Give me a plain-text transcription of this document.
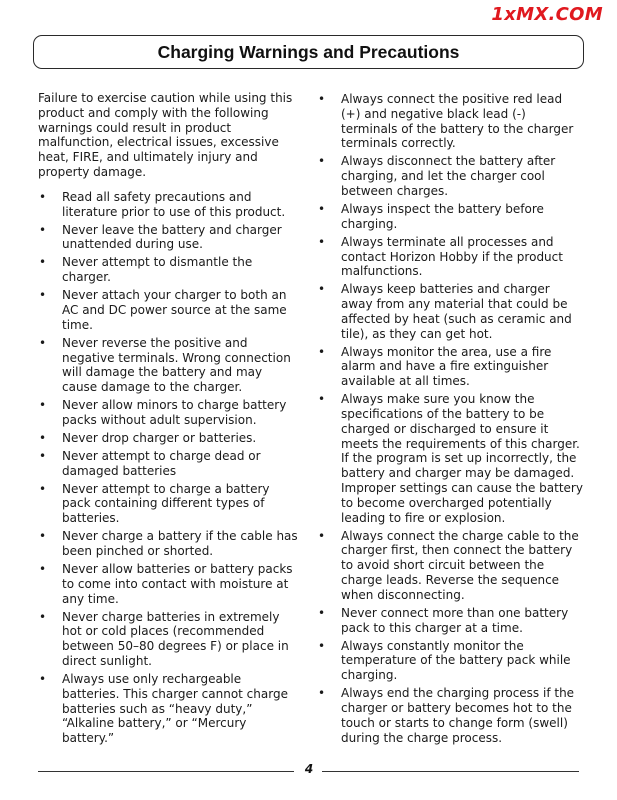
1xMX.COM
Charging Warnings and Precautions

Failure to exercise caution while using this product and comply with the following warnings could result in product malfunction, electrical issues, excessive heat, FIRE, and ultimately injury and property damage.

• Read all safety precautions and literature prior to use of this product.
• Never leave the battery and charger unattended during use.
• Never attempt to dismantle the charger.
• Never attach your charger to both an AC and DC power source at the same time.
• Never reverse the positive and negative terminals. Wrong connection will damage the battery and may cause damage to the charger.
• Never allow minors to charge battery packs without adult supervision.
• Never drop charger or batteries.
• Never attempt to charge dead or damaged batteries
• Never attempt to charge a battery pack containing different types of batteries.
• Never charge a battery if the cable has been pinched or shorted.
• Never allow batteries or battery packs to come into contact with moisture at any time.
• Never charge batteries in extremely hot or cold places (recommended between 50–80 degrees F) or place in direct sunlight.
• Always use only rechargeable batteries. This charger cannot charge batteries such as “heavy duty,” “Alkaline battery,” or “Mercury battery.”
• Always connect the positive red lead (+) and negative black lead (-) terminals of the battery to the charger terminals correctly.
• Always disconnect the battery after charging, and let the charger cool between charges.
• Always inspect the battery before charging.
• Always terminate all processes and contact Horizon Hobby if the product malfunctions.
• Always keep batteries and charger away from any material that could be affected by heat (such as ceramic and tile), as they can get hot.
• Always monitor the area, use a fire alarm and have a fire extinguisher available at all times.
• Always make sure you know the specifications of the battery to be charged or discharged to ensure it meets the requirements of this charger. If the program is set up incorrectly, the battery and charger may be damaged. Improper settings can cause the battery to become overcharged potentially leading to fire or explosion.
• Always connect the charge cable to the charger first, then connect the battery to avoid short circuit between the charge leads. Reverse the sequence when disconnecting.
• Never connect more than one battery pack to this charger at a time.
• Always constantly monitor the temperature of the battery pack while charging.
• Always end the charging process if the charger or battery becomes hot to the touch or starts to change form (swell) during the charge process.
4
